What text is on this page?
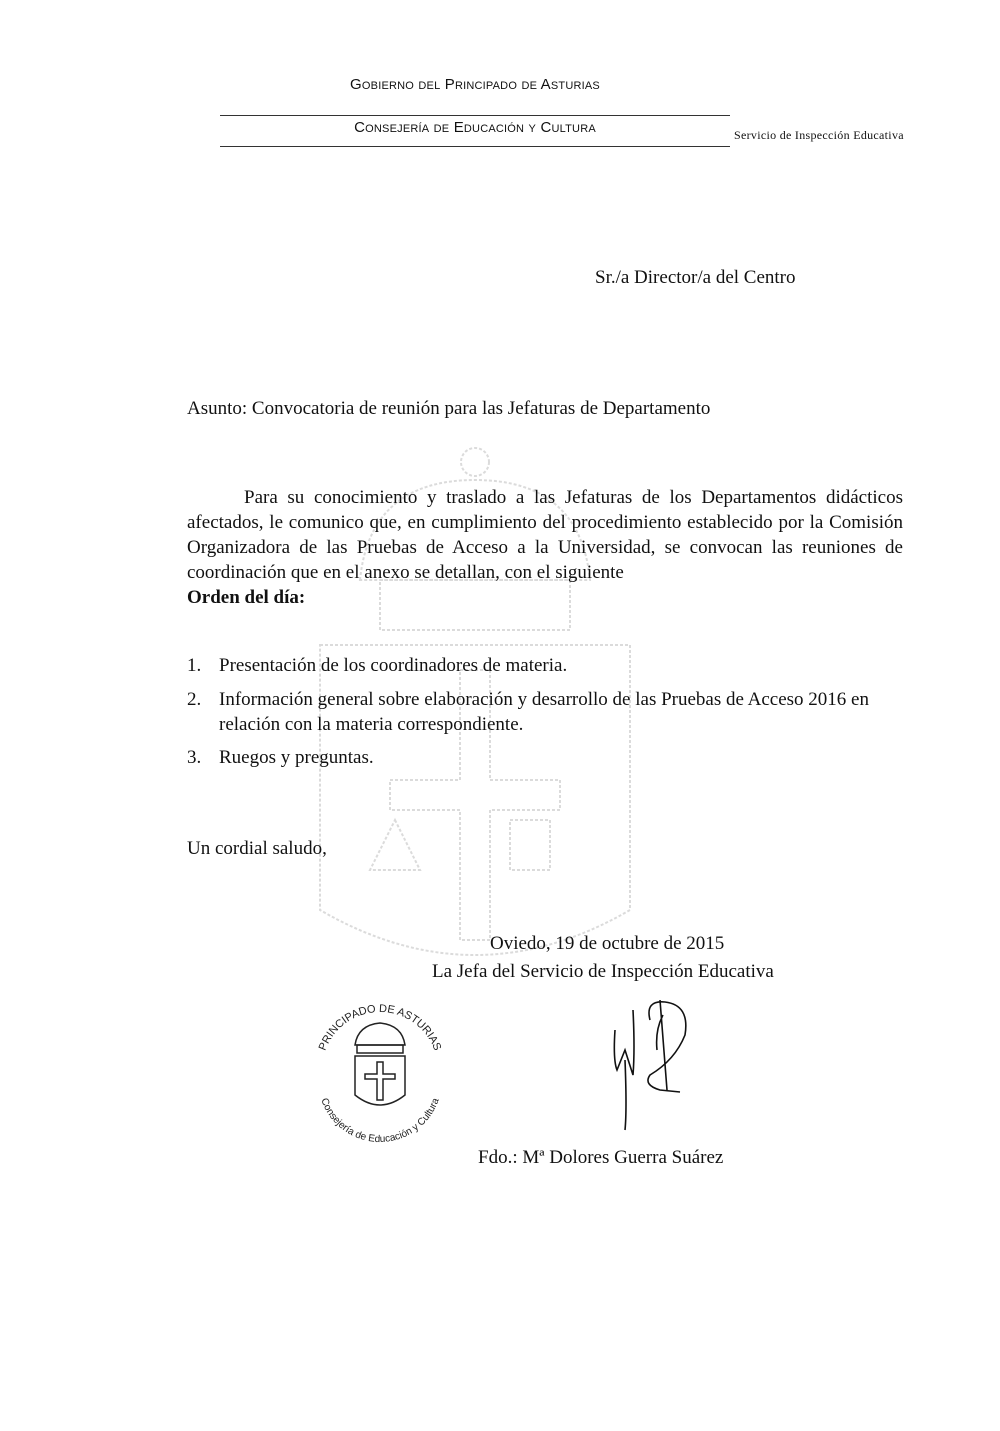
Gobierno del Principado de Asturias
Consejería de Educación y Cultura	Servicio de Inspección Educativa
Sr./a Director/a del Centro
Asunto: Convocatoria de reunión para las Jefaturas de Departamento
Para su conocimiento y traslado a las Jefaturas de los Departamentos didácticos afectados, le comunico que, en cumplimiento del procedimiento establecido por la Comisión Organizadora de las Pruebas de Acceso a la Universidad, se convocan las reuniones de coordinación que en el anexo se detallan, con el siguiente
Orden del día:
1. Presentación de los coordinadores de materia.
2. Información general sobre elaboración y desarrollo de las Pruebas de Acceso 2016 en relación con la materia correspondiente.
3. Ruegos y preguntas.
Un cordial saludo,
Oviedo, 19 de octubre de 2015
La Jefa del Servicio de Inspección Educativa
PRINCIPADO DE ASTURIAS
Consejería de Educación y Cultura
Fdo.: Mª Dolores Guerra Suárez
